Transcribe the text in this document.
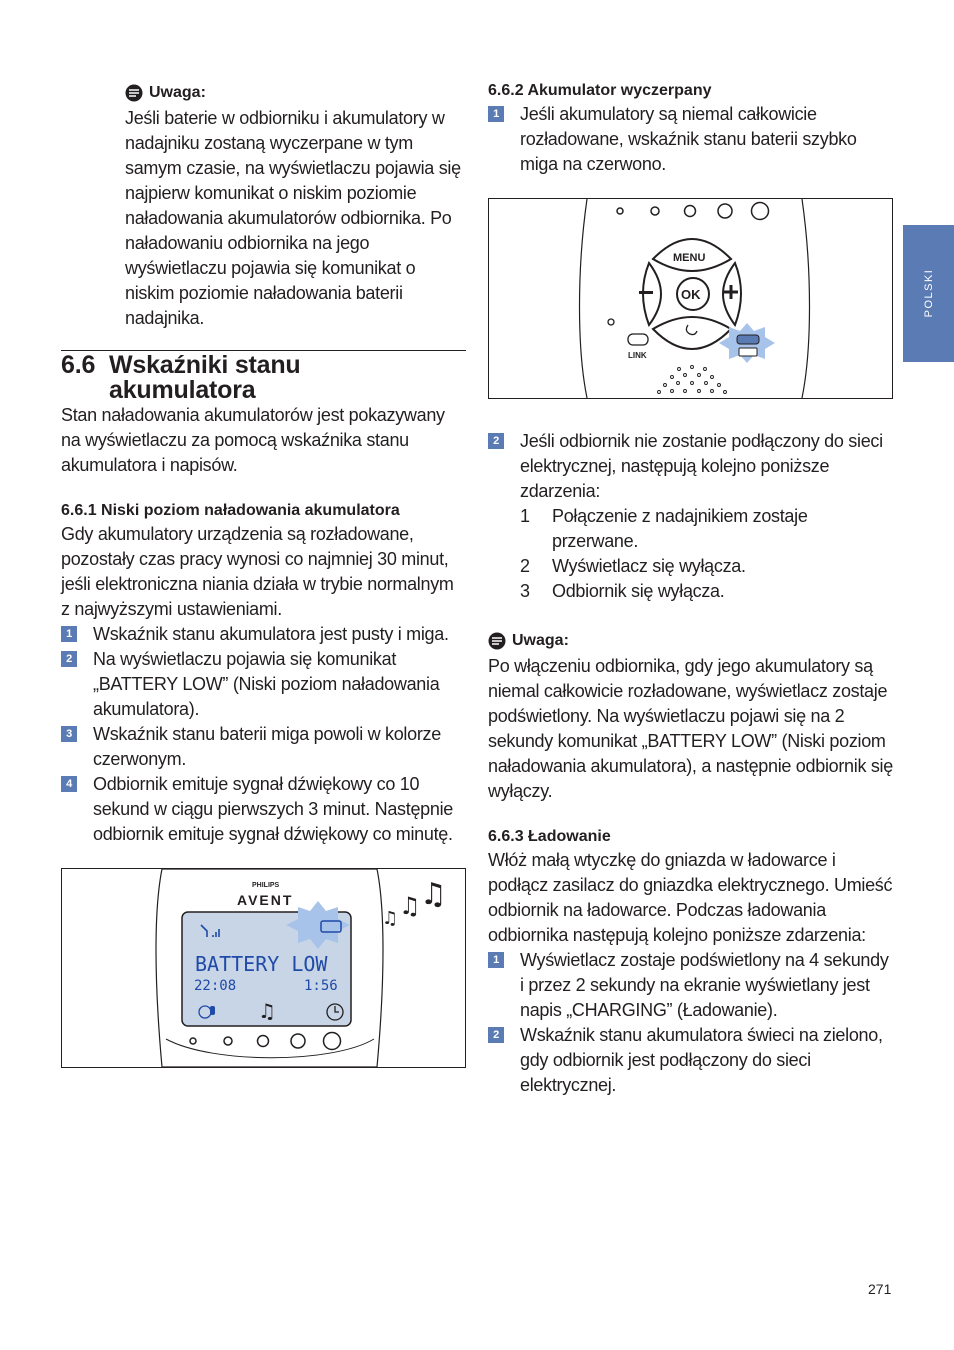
Uwaga:
Jeśli baterie w odbiorniku i akumulatory w nadajniku zostaną wyczerpane w tym samym czasie, na wyświetlaczu pojawia się najpierw komunikat o niskim poziomie naładowania akumulatorów odbiornika. Po naładowaniu odbiornika na jego wyświetlaczu pojawia się komunikat o niskim poziomie naładowania baterii nadajnika.
6.6 Wskaźniki stanu
akumulatora
Stan naładowania akumulatorów jest pokazywany na wyświetlaczu za pomocą wskaźnika stanu akumulatora i napisów.
6.6.1 Niski poziom naładowania akumulatora
Gdy akumulatory urządzenia są rozładowane, pozostały czas pracy wynosi co najmniej 30 minut, jeśli elektroniczna niania działa w trybie normalnym z najwyższymi ustawieniami.
1 Wskaźnik stanu akumulatora jest pusty i miga.
2 Na wyświetlaczu pojawia się komunikat „BATTERY LOW” (Niski poziom naładowania akumulatora).
3 Wskaźnik stanu baterii miga powoli w kolorze czerwonym.
4 Odbiornik emituje sygnał dźwiękowy co 10 sekund w ciągu pierwszych 3 minut. Następnie odbiornik emituje sygnał dźwiękowy co minutę.
BATTERY LOW
22:08	1:56
♫
PHILIPS
AVENT
♫ ♫ ♫
6.6.2 Akumulator wyczerpany
1 Jeśli akumulatory są niemal całkowicie rozładowane, wskaźnik stanu baterii szybko miga na czerwono.
MENU
OK
LINK
2 Jeśli odbiornik nie zostanie podłączony do sieci elektrycznej, następują kolejno poniższe zdarzenia:
1	Połączenie z nadajnikiem zostaje przerwane.
2	Wyświetlacz się wyłącza.
3	Odbiornik się wyłącza.
Uwaga:
Po włączeniu odbiornika, gdy jego akumulatory są niemal całkowicie rozładowane, wyświetlacz zostaje podświetlony. Na wyświetlaczu pojawi się na 2 sekundy komunikat „BATTERY LOW” (Niski poziom naładowania akumulatora), a następnie odbiornik się wyłączy.
6.6.3 Ładowanie
Włóż małą wtyczkę do gniazda w ładowarce i podłącz zasilacz do gniazdka elektrycznego. Umieść odbiornik na ładowarce. Podczas ładowania odbiornika następują kolejno poniższe zdarzenia:
1 Wyświetlacz zostaje podświetlony na 4 sekundy i przez 2 sekundy na ekranie wyświetlany jest napis „CHARGING” (Ładowanie).
2 Wskaźnik stanu akumulatora świeci na zielono, gdy odbiornik jest podłączony do sieci elektrycznej.
POLSKI
271
